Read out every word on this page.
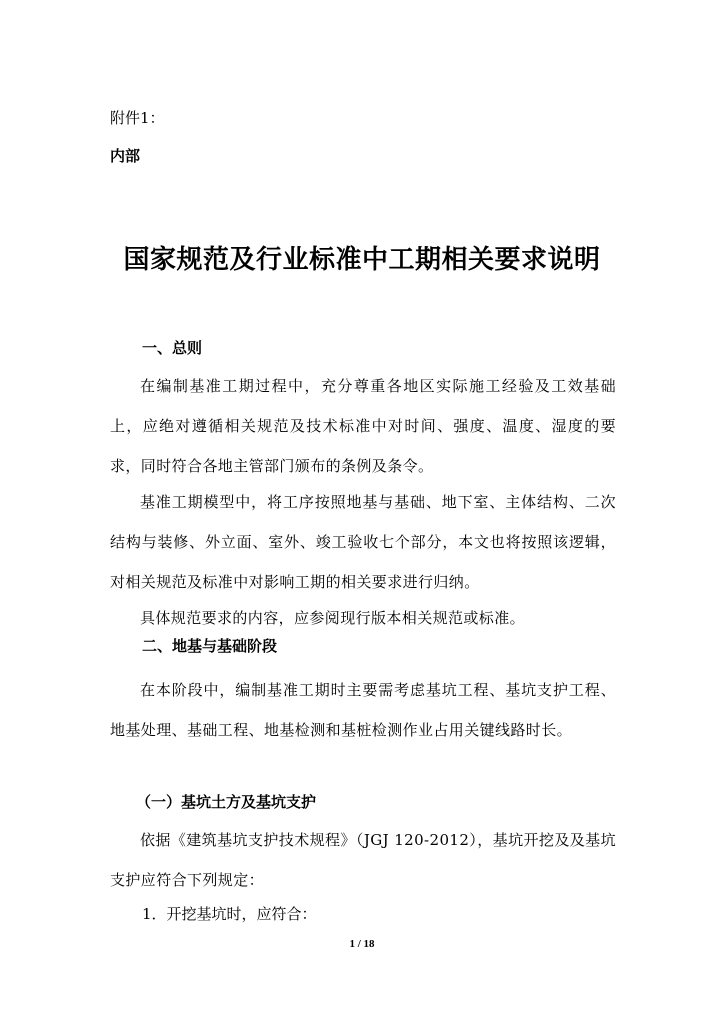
附件1：
内部
国家规范及行业标准中工期相关要求说明
一、总则
在编制基准工期过程中，充分尊重各地区实际施工经验及工效基础上，应绝对遵循相关规范及技术标准中对时间、强度、温度、湿度的要求，同时符合各地主管部门颁布的条例及条令。
基准工期模型中，将工序按照地基与基础、地下室、主体结构、二次结构与装修、外立面、室外、竣工验收七个部分，本文也将按照该逻辑，对相关规范及标准中对影响工期的相关要求进行归纳。
具体规范要求的内容，应参阅现行版本相关规范或标准。
二、地基与基础阶段
在本阶段中，编制基准工期时主要需考虑基坑工程、基坑支护工程、地基处理、基础工程、地基检测和基桩检测作业占用关键线路时长。
（一）基坑土方及基坑支护
依据《建筑基坑支护技术规程》（JGJ 120-2012），基坑开挖及及基坑支护应符合下列规定：
1．开挖基坑时，应符合：
1 / 18
